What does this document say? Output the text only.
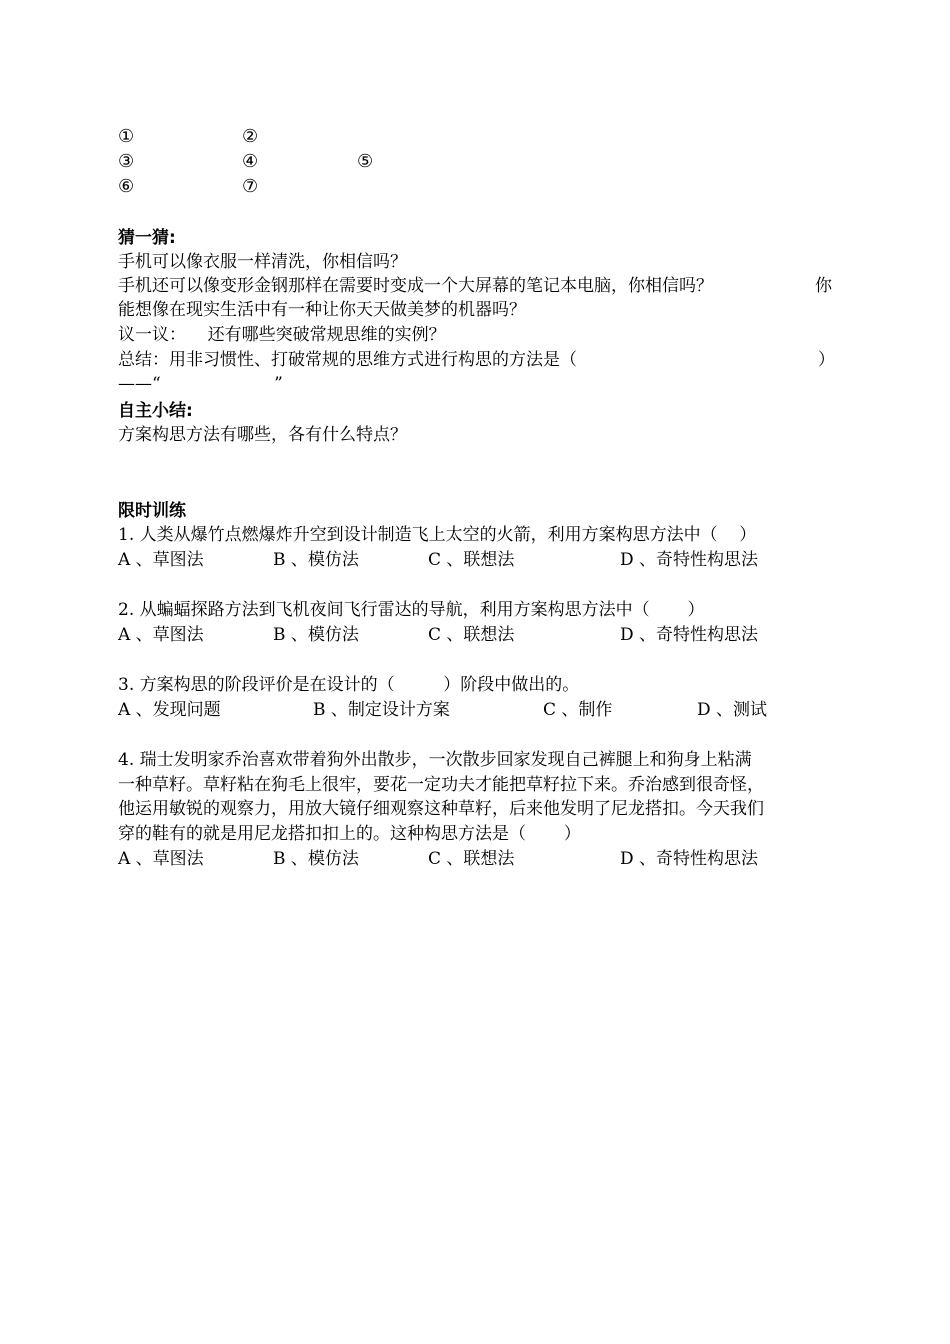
①	②
③	④	⑤
⑥	⑦
猜一猜:
手机可以像衣服一样清洗，你相信吗？
手机还可以像变形金钢那样在需要时变成一个大屏幕的笔记本电脑，你相信吗？	你
能想像在现实生活中有一种让你天天做美梦的机器吗？
议一议：    还有哪些突破常规思维的实例？
总结：用非习惯性、打破常规的思维方式进行构思的方法是（	）
——“                     ”
自主小结:
方案构思方法有哪些，各有什么特点？
限时训练
1. 人类从爆竹点燃爆炸升空到设计制造飞上太空的火箭，利用方案构思方法中（    ）
A 、草图法	B 、模仿法	C 、联想法	D 、奇特性构思法
2. 从蝙蝠探路方法到飞机夜间飞行雷达的导航，利用方案构思方法中（       ）
A 、草图法	B 、模仿法	C 、联想法	D 、奇特性构思法
3. 方案构思的阶段评价是在设计的（         ）阶段中做出的。
A 、发现问题	B 、制定设计方案	C 、制作	D 、测试
4. 瑞士发明家乔治喜欢带着狗外出散步，一次散步回家发现自己裤腿上和狗身上粘满
一种草籽。草籽粘在狗毛上很牢，要花一定功夫才能把草籽拉下来。乔治感到很奇怪，
他运用敏锐的观察力，用放大镜仔细观察这种草籽，后来他发明了尼龙搭扣。今天我们
穿的鞋有的就是用尼龙搭扣扣上的。这种构思方法是（       ）
A 、草图法	B 、模仿法	C 、联想法	D 、奇特性构思法
